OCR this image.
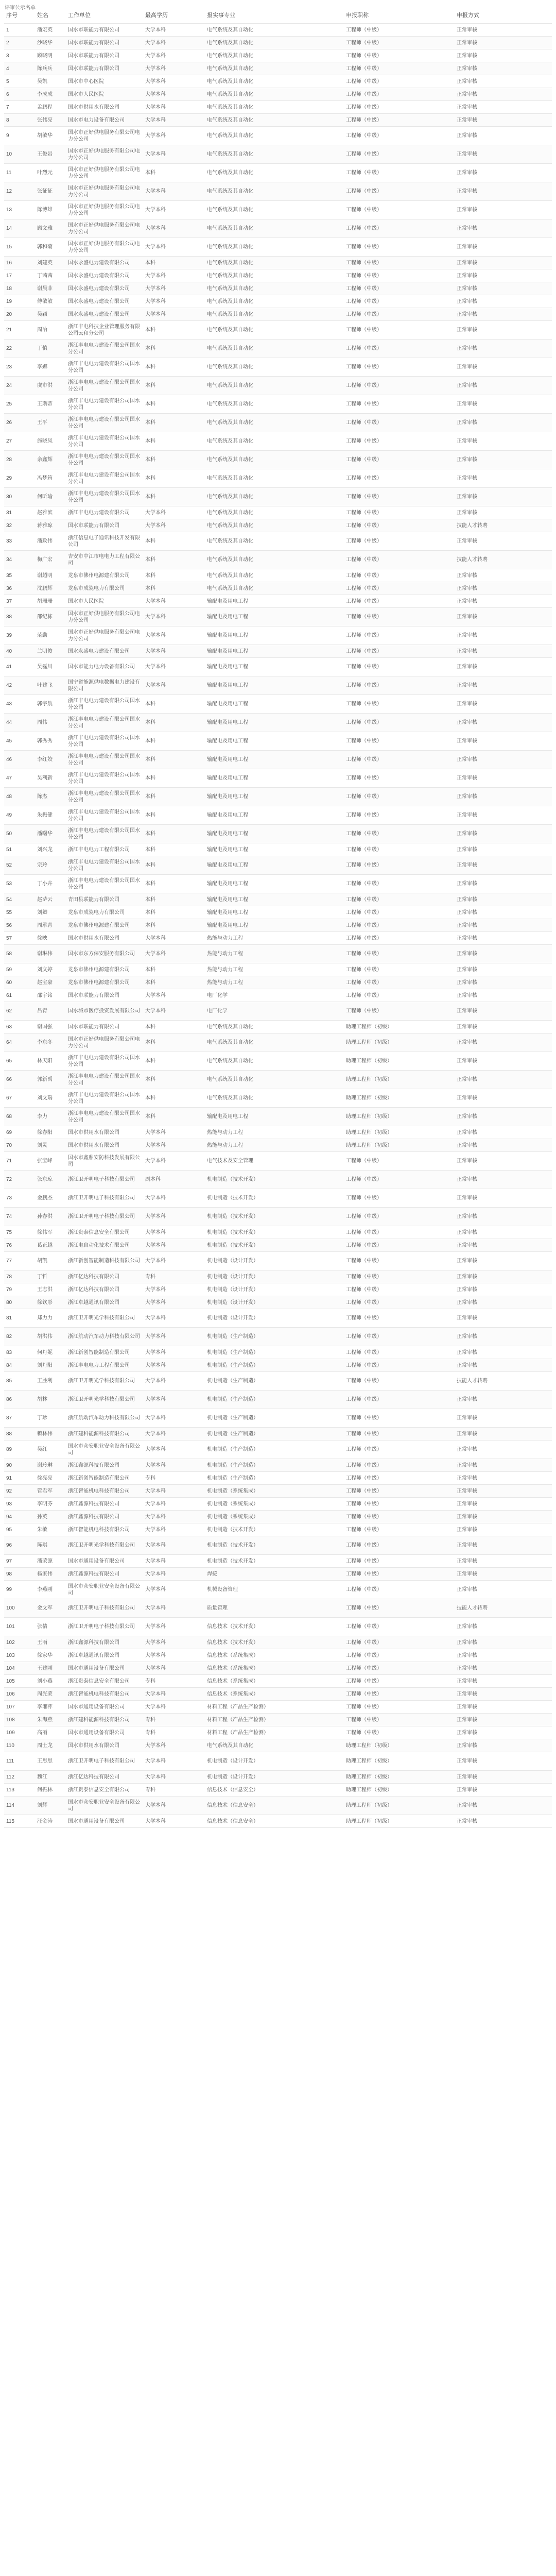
评审公示名单
序号	姓名	工作单位	最高学历	报实事专业	申报职称	申报方式
1	潘宏英	国水市联能力有限公司	大学本科	电气系统及其自动化	工程师（中级）	正常审核
2	沙晓华	国水市联能力有限公司	大学本科	电气系统及其自动化	工程师（中级）	正常审核
3	顾晓明	国水市联能力有限公司	大学本科	电气系统及其自动化	工程师（中级）	正常审核
4	陈兵兵	国水市联能力有限公司	大学本科	电气系统及其自动化	工程师（中级）	正常审核
5	吴凯	国水市中心医院	大学本科	电气系统及其自动化	工程师（中级）	正常审核
6	李成成	国水市人民医院	大学本科	电气系统及其自动化	工程师（中级）	正常审核
7	孟鹏程	国水市供用水有限公司	大学本科	电气系统及其自动化	工程师（中级）	正常审核
8	张伟亮	国水市电力设备有限公司	大学本科	电气系统及其自动化	工程师（中级）	正常审核
9	胡敏华	国水市正好供电服务有限公司电力分公司	大学本科	电气系统及其自动化	工程师（中级）	正常审核
10	王俊岩	国水市正好供电服务有限公司电力分公司	大学本科	电气系统及其自动化	工程师（中级）	正常审核
11	叶烈元	国水市正好供电服务有限公司电力分公司	本科	电气系统及其自动化	工程师（中级）	正常审核
12	张征征	国水市正好供电服务有限公司电力分公司	大学本科	电气系统及其自动化	工程师（中级）	正常审核
13	陈博雄	国水市正好供电服务有限公司电力分公司	大学本科	电气系统及其自动化	工程师（中级）	正常审核
14	顾文雅	国水市正好供电服务有限公司电力分公司	大学本科	电气系统及其自动化	工程师（中级）	正常审核
15	郭和菊	国水市正好供电服务有限公司电力分公司	大学本科	电气系统及其自动化	工程师（中级）	正常审核
16	刘建英	国水永盛电力建设有限公司	本科	电气系统及其自动化	工程师（中级）	正常审核
17	丁茜茜	国水永盛电力建设有限公司	大学本科	电气系统及其自动化	工程师（中级）	正常审核
18	谢晨菲	国水永盛电力建设有限公司	大学本科	电气系统及其自动化	工程师（中级）	正常审核
19	傅敬敏	国水永盛电力建设有限公司	大学本科	电气系统及其自动化	工程师（中级）	正常审核
20	吴颖	国水永盛电力建设有限公司	大学本科	电气系统及其自动化	工程师（中级）	正常审核
21	周冶	浙江丰电科技企业管理服务有限公司云和分公司	本科	电气系统及其自动化	工程师（中级）	正常审核
22	丁慎	浙江丰电电力建设有限公司国水分公司	本科	电气系统及其自动化	工程师（中级）	正常审核
23	李娜	浙江丰电电力建设有限公司国水分公司	本科	电气系统及其自动化	工程师（中级）	正常审核
24	虞市洪	浙江丰电电力建设有限公司国水分公司	本科	电气系统及其自动化	工程师（中级）	正常审核
25	王斯蒂	浙江丰电电力建设有限公司国水分公司	本科	电气系统及其自动化	工程师（中级）	正常审核
26	王平	浙江丰电电力建设有限公司国水分公司	本科	电气系统及其自动化	工程师（中级）	正常审核
27	施晓凤	浙江丰电电力建设有限公司国水分公司	本科	电气系统及其自动化	工程师（中级）	正常审核
28	余鑫辉	浙江丰电电力建设有限公司国水分公司	本科	电气系统及其自动化	工程师（中级）	正常审核
29	冯梦筠	浙江丰电电力建设有限公司国水分公司	本科	电气系统及其自动化	工程师（中级）	正常审核
30	何昕瑜	浙江丰电电力建设有限公司国水分公司	本科	电气系统及其自动化	工程师（中级）	正常审核
31	赵雅滨	浙江丰电电力建设有限公司	大学本科	电气系统及其自动化	工程师（中级）	正常审核
32	蒋雅琼	国水市联能力有限公司	大学本科	电气系统及其自动化	工程师（中级）	技能人才转聘
33	潘政伟	浙江信息电子通讯科技开发有限公司	本科	电气系统及其自动化	工程师（中级）	正常审核
34	梅广宏	吉安市中江市电电力工程有限公司	本科	电气系统及其自动化	工程师（中级）	技能人才转聘
35	谢超明	龙泉市佛州电源建有限公司	本科	电气系统及其自动化	工程师（中级）	正常审核
36	沈鹏辉	龙泉市成瓷电力有限公司	本科	电气系统及其自动化	工程师（中级）	正常审核
37	胡珊珊	国水市人民医院	大学本科	输配电及用电工程	工程师（中级）	正常审核
38	邵纪栋	国水市正好供电服务有限公司电力分公司	大学本科	输配电及用电工程	工程师（中级）	正常审核
39	范勤	国水市正好供电服务有限公司电力分公司	大学本科	输配电及用电工程	工程师（中级）	正常审核
40	兰明俊	国水永盛电力建设有限公司	大学本科	输配电及用电工程	工程师（中级）	正常审核
41	吴磊川	国水市能力电力设备有限公司	大学本科	输配电及用电工程	工程师（中级）	正常审核
42	叶建飞	国宁省能源供电数据电力建设有限公司	大学本科	输配电及用电工程	工程师（中级）	正常审核
43	郭宇航	浙江丰电电力建设有限公司国水分公司	本科	输配电及用电工程	工程师（中级）	正常审核
44	周伟	浙江丰电电力建设有限公司国水分公司	本科	输配电及用电工程	工程师（中级）	正常审核
45	郭秀秀	浙江丰电电力建设有限公司国水分公司	本科	输配电及用电工程	工程师（中级）	正常审核
46	李红姣	浙江丰电电力建设有限公司国水分公司	本科	输配电及用电工程	工程师（中级）	正常审核
47	吴利新	浙江丰电电力建设有限公司国水分公司	本科	输配电及用电工程	工程师（中级）	正常审核
48	陈杰	浙江丰电电力建设有限公司国水分公司	本科	输配电及用电工程	工程师（中级）	正常审核
49	朱振健	浙江丰电电力建设有限公司国水分公司	本科	输配电及用电工程	工程师（中级）	正常审核
50	潘曙华	浙江丰电电力建设有限公司国水分公司	本科	输配电及用电工程	工程师（中级）	正常审核
51	刘兴龙	浙江丰电电力工程有限公司	本科	输配电及用电工程	工程师（中级）	正常审核
52	宗玲	浙江丰电电力建设有限公司国水分公司	本科	输配电及用电工程	工程师（中级）	正常审核
53	丁小卉	浙江丰电电力建设有限公司国水分公司	本科	输配电及用电工程	工程师（中级）	正常审核
54	赵萨云	青田县联能力有限公司	本科	输配电及用电工程	工程师（中级）	正常审核
55	刘卿	龙泉市成瓷电力有限公司	本科	输配电及用电工程	工程师（中级）	正常审核
56	周承青	龙泉市佛州电源建有限公司	本科	输配电及用电工程	工程师（中级）	正常审核
57	徐映	国水市供用水有限公司	大学本科	热能与动力工程	工程师（中级）	正常审核
58	谢琳伟	国水市东方保安服务有限公司	大学本科	热能与动力工程	工程师（中级）	正常审核
59	刘文婷	龙泉市佛州电源建有限公司	本科	热能与动力工程	工程师（中级）	正常审核
60	赵宝豪	龙泉市佛州电源建有限公司	本科	热能与动力工程	工程师（中级）	正常审核
61	邵宇铭	国水市联能力有限公司	大学本科	电厂化学	工程师（中级）	正常审核
62	吕青	国水城市医疗投资发展有限公司	大学本科	电厂化学	工程师（中级）	正常审核
63	谢国强	国水市联能力有限公司	本科	电气系统及其自动化	助理工程师（初级）	正常审核
64	李东冬	国水市正好供电服务有限公司电力分公司	本科	电气系统及其自动化	助理工程师（初级）	正常审核
65	林天阳	浙江丰电电力建设有限公司国水分公司	本科	电气系统及其自动化	助理工程师（初级）	正常审核
66	郭新禹	浙江丰电电力建设有限公司国水分公司	本科	电气系统及其自动化	助理工程师（初级）	正常审核
67	刘文瑞	浙江丰电电力建设有限公司国水分公司	本科	电气系统及其自动化	助理工程师（初级）	正常审核
68	李力	浙江丰电电力建设有限公司国水分公司	本科	输配电及用电工程	助理工程师（初级）	正常审核
69	徐春阳	国水市供用水有限公司	大学本科	热能与动力工程	助理工程师（初级）	正常审核
70	刘灵	国水市供用水有限公司	大学本科	热能与动力工程	助理工程师（初级）	正常审核
71	张宝峰	国水市鑫鼎安防科技发展有限公司	大学本科	电气技术及安全管理	工程师（中级）	正常审核
72	张东琼	浙江卫开明电子科技有限公司	副本科	机电制造（技术开发）	工程师（中级）	正常审核
73	金鹏杰	浙江卫开明电子科技有限公司	大学本科	机电制造（技术开发）	工程师（中级）	正常审核
74	孙春洪	浙江卫开明电子科技有限公司	大学本科	机电制造（技术开发）	工程师（中级）	正常审核
75	徐伟军	浙江贵泰信息安全有限公司	大学本科	机电制造（技术开发）	工程师（中级）	正常审核
76	葛正越	浙江电自动化技术有限公司	大学本科	机电制造（技术开发）	工程师（中级）	正常审核
77	胡凯	浙江新创智能制造科技有限公司	大学本科	机电制造（设计开发）	工程师（中级）	正常审核
78	丁哲	浙江亿达科技有限公司	专科	机电制造（设计开发）	工程师（中级）	正常审核
79	王志洪	浙江亿达科技有限公司	大学本科	机电制造（设计开发）	工程师（中级）	正常审核
80	徐钦彤	浙江卓越通讯有限公司	大学本科	机电制造（设计开发）	工程师（中级）	正常审核
81	郑力力	浙江卫开明光学科技有限公司	大学本科	机电制造（设计开发）	工程师（中级）	正常审核
82	胡洪伟	浙江航动汽车动力科技有限公司	大学本科	机电制造（生产制造）	工程师（中级）	正常审核
83	何丹妮	浙江新创智能制造有限公司	大学本科	机电制造（生产制造）	工程师（中级）	正常审核
84	刘丹阳	浙江丰电电力工程有限公司	大学本科	机电制造（生产制造）	工程师（中级）	正常审核
85	王胜利	浙江卫开明光学科技有限公司	大学本科	机电制造（生产制造）	工程师（中级）	技能人才转聘
86	胡林	浙江卫开明光学科技有限公司	大学本科	机电制造（生产制造）	工程师（中级）	正常审核
87	丁珍	浙江航动汽车动力科技有限公司	大学本科	机电制造（生产制造）	工程师（中级）	正常审核
88	赖林伟	浙江建科能源科技有限公司	大学本科	机电制造（生产制造）	工程师（中级）	正常审核
89	吴红	国水市众安职业安全设备有限公司	大学本科	机电制造（生产制造）	工程师（中级）	正常审核
90	谢玲琳	浙江鑫源科技有限公司	大学本科	机电制造（生产制造）	工程师（中级）	正常审核
91	徐亮亮	浙江新创智能制造有限公司	专科	机电制造（生产制造）	工程师（中级）	正常审核
92	管君军	浙江智能机电科技有限公司	大学本科	机电制造（系统集成）	工程师（中级）	正常审核
93	李明芬	浙江鑫源科技有限公司	大学本科	机电制造（系统集成）	工程师（中级）	正常审核
94	孙英	浙江鑫源科技有限公司	大学本科	机电制造（系统集成）	工程师（中级）	正常审核
95	朱敏	浙江智能机电科技有限公司	大学本科	机电制造（技术开发）	工程师（中级）	正常审核
96	陈琪	浙江卫开明光学科技有限公司	大学本科	机电制造（技术开发）	工程师（中级）	正常审核
97	潘荣源	国水市通用设备有限公司	大学本科	机电制造（技术开发）	工程师（中级）	正常审核
98	杨家伟	浙江鑫源科技有限公司	大学本科	焊接	工程师（中级）	正常审核
99	李燕刚	国水市众安职业安全设备有限公司	大学本科	机械设备管理	工程师（中级）	正常审核
100	金文军	浙江卫开明电子科技有限公司	大学本科	质量管理	工程师（中级）	技能人才转聘
101	张倩	浙江卫开明电子科技有限公司	大学本科	信息技术（技术开发）	工程师（中级）	正常审核
102	王雨	浙江鑫源科技有限公司	大学本科	信息技术（技术开发）	工程师（中级）	正常审核
103	徐家华	浙江卓越通讯有限公司	大学本科	信息技术（系统集成）	工程师（中级）	正常审核
104	王建刚	国水市通用设备有限公司	大学本科	信息技术（系统集成）	工程师（中级）	正常审核
105	刘小燕	浙江贵泰信息安全有限公司	专科	信息技术（系统集成）	工程师（中级）	正常审核
106	周光荣	浙江智能机电科技有限公司	大学本科	信息技术（系统集成）	工程师（中级）	正常审核
107	李湘萍	国水市通用设备有限公司	大学本科	材料工程（产品生产检测）	工程师（中级）	正常审核
108	朱海燕	浙江建科能源科技有限公司	专科	材料工程（产品生产检测）	工程师（中级）	正常审核
109	高丽	国水市通用设备有限公司	专科	材料工程（产品生产检测）	工程师（中级）	正常审核
110	周士龙	国水市供用水有限公司	大学本科	电气系统及其自动化	助理工程师（初级）	正常审核
111	王思思	浙江卫开明电子科技有限公司	大学本科	机电制造（设计开发）	助理工程师（初级）	正常审核
112	魏江	浙江亿达科技有限公司	大学本科	机电制造（设计开发）	助理工程师（初级）	正常审核
113	何振林	浙江贵泰信息安全有限公司	专科	信息技术（信息安全）	助理工程师（初级）	正常审核
114	刘辉	国水市众安职业安全设备有限公司	大学本科	信息技术（信息安全）	助理工程师（初级）	正常审核
115	汪金涛	国水市通用设备有限公司	大学本科	信息技术（信息安全）	助理工程师（初级）	正常审核
